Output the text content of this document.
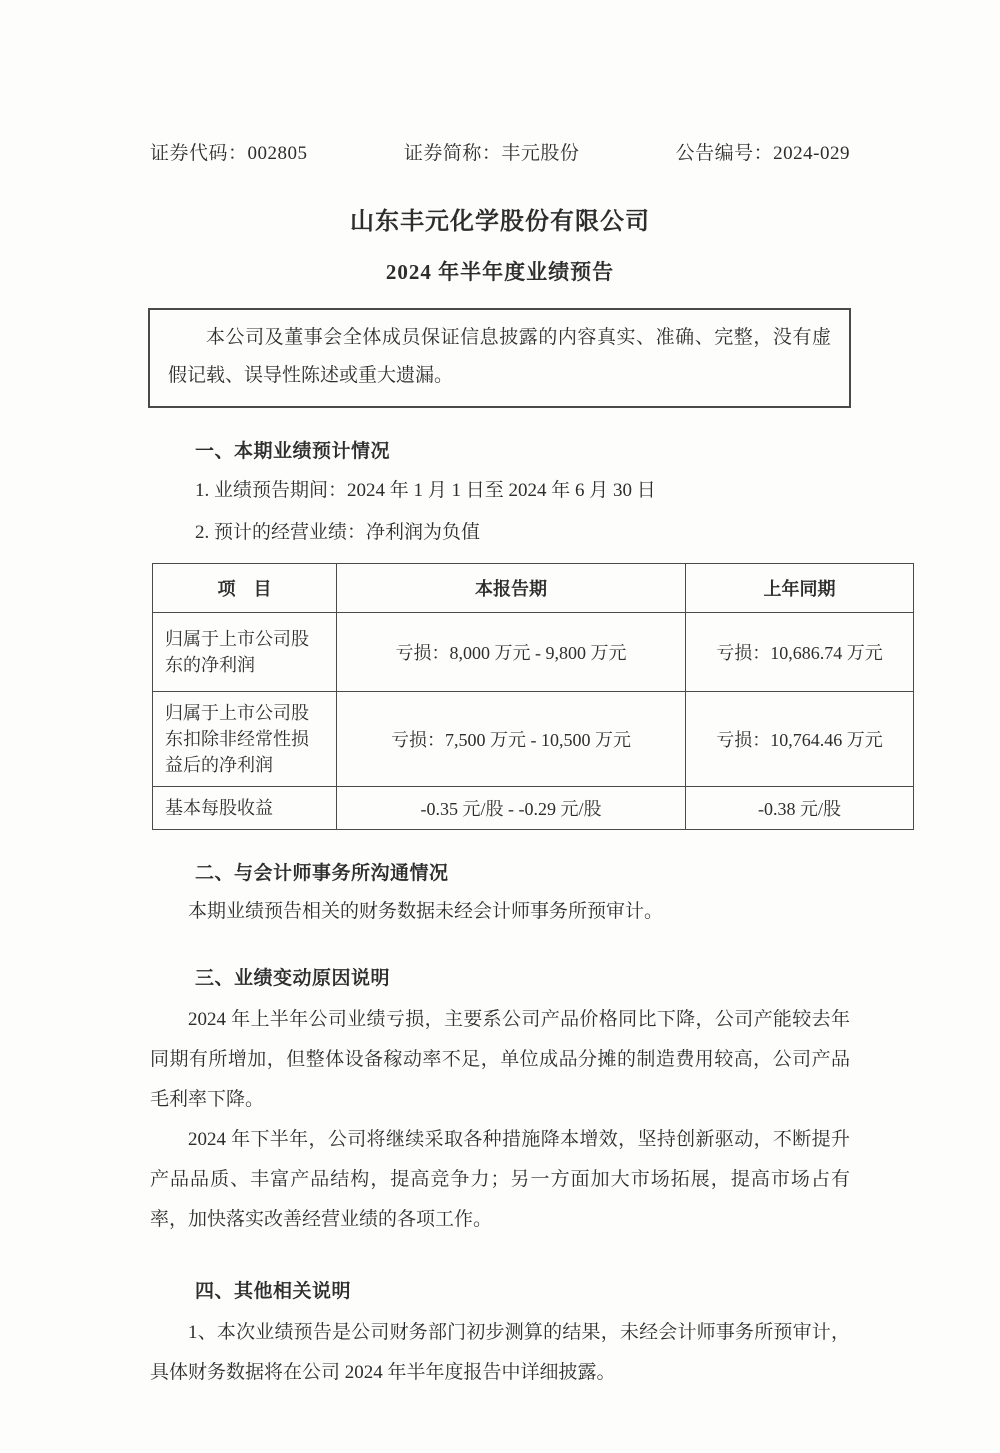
证券代码：002805	证券简称：丰元股份	公告编号：2024-029
山东丰元化学股份有限公司
2024 年半年度业绩预告

本公司及董事会全体成员保证信息披露的内容真实、准确、完整，没有虚假记载、误导性陈述或重大遗漏。

一、本期业绩预计情况
1. 业绩预告期间：2024 年 1 月 1 日至 2024 年 6 月 30 日
2. 预计的经营业绩：净利润为负值
项　目	本报告期	上年同期
归属于上市公司股东的净利润	亏损：8,000 万元 - 9,800 万元	亏损：10,686.74 万元
归属于上市公司股东扣除非经常性损益后的净利润	亏损：7,500 万元 - 10,500 万元	亏损：10,764.46 万元
基本每股收益	-0.35 元/股 - -0.29 元/股	-0.38 元/股
二、与会计师事务所沟通情况

本期业绩预告相关的财务数据未经会计师事务所预审计。

三、业绩变动原因说明

2024 年上半年公司业绩亏损，主要系公司产品价格同比下降，公司产能较去年同期有所增加，但整体设备稼动率不足，单位成品分摊的制造费用较高，公司产品毛利率下降。

2024 年下半年，公司将继续采取各种措施降本增效，坚持创新驱动，不断提升产品品质、丰富产品结构，提高竞争力；另一方面加大市场拓展，提高市场占有率，加快落实改善经营业绩的各项工作。

四、其他相关说明

1、本次业绩预告是公司财务部门初步测算的结果，未经会计师事务所预审计，具体财务数据将在公司 2024 年半年度报告中详细披露。
